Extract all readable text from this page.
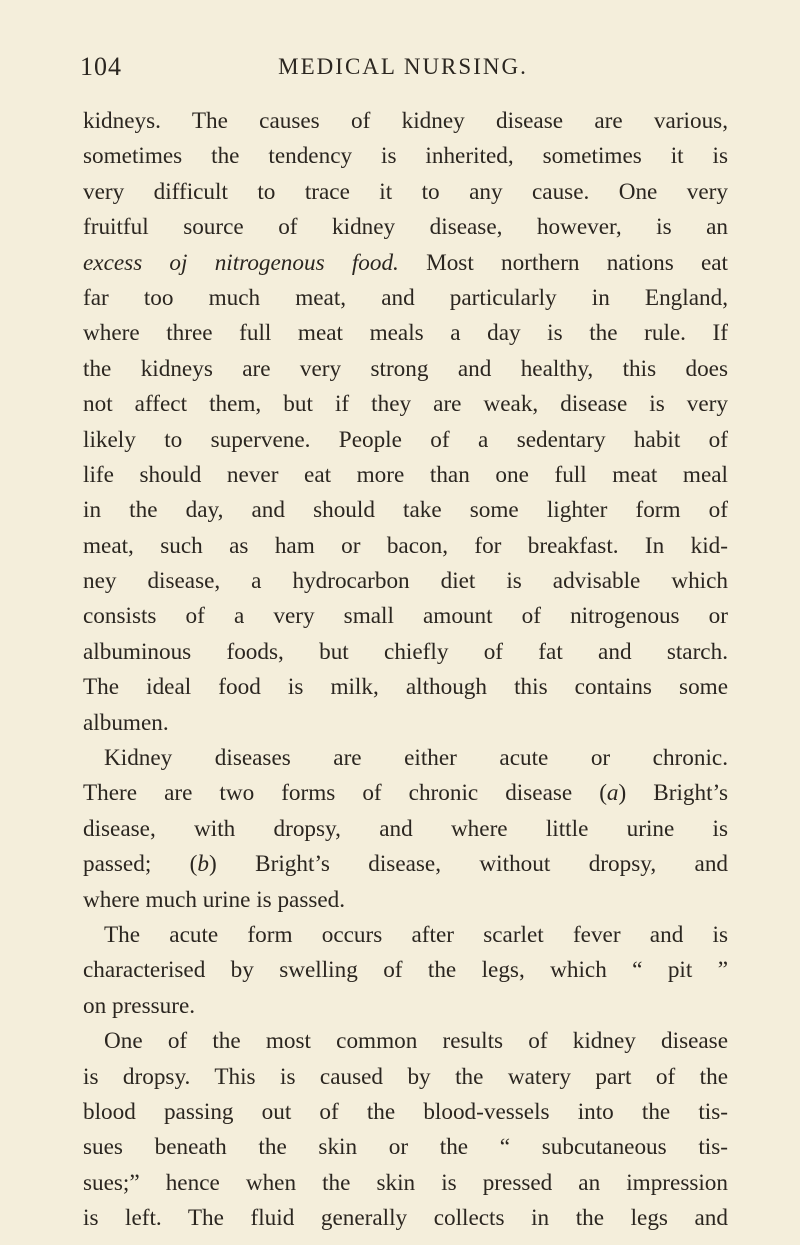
104	MEDICAL NURSING.
kidneys. The causes of kidney disease are various,
sometimes the tendency is inherited, sometimes it is
very difficult to trace it to any cause. One very
fruitful source of kidney disease, however, is an
excess oj nitrogenous food. Most northern nations eat
far too much meat, and particularly in England,
where three full meat meals a day is the rule. If
the kidneys are very strong and healthy, this does
not affect them, but if they are weak, disease is very
likely to supervene. People of a sedentary habit of
life should never eat more than one full meat meal
in the day, and should take some lighter form of
meat, such as ham or bacon, for breakfast. In kid-
ney disease, a hydrocarbon diet is advisable which
consists of a very small amount of nitrogenous or
albuminous foods, but chiefly of fat and starch.
The ideal food is milk, although this contains some
albumen.
Kidney diseases are either acute or chronic.
There are two forms of chronic disease (a) Bright’s
disease, with dropsy, and where little urine is
passed; (b) Bright’s disease, without dropsy, and
where much urine is passed.
The acute form occurs after scarlet fever and is
characterised by swelling of the legs, which “ pit ”
on pressure.
One of the most common results of kidney disease
is dropsy. This is caused by the watery part of the
blood passing out of the blood-vessels into the tis-
sues beneath the skin or the “ subcutaneous tis-
sues;” hence when the skin is pressed an impression
is left. The fluid generally collects in the legs and
